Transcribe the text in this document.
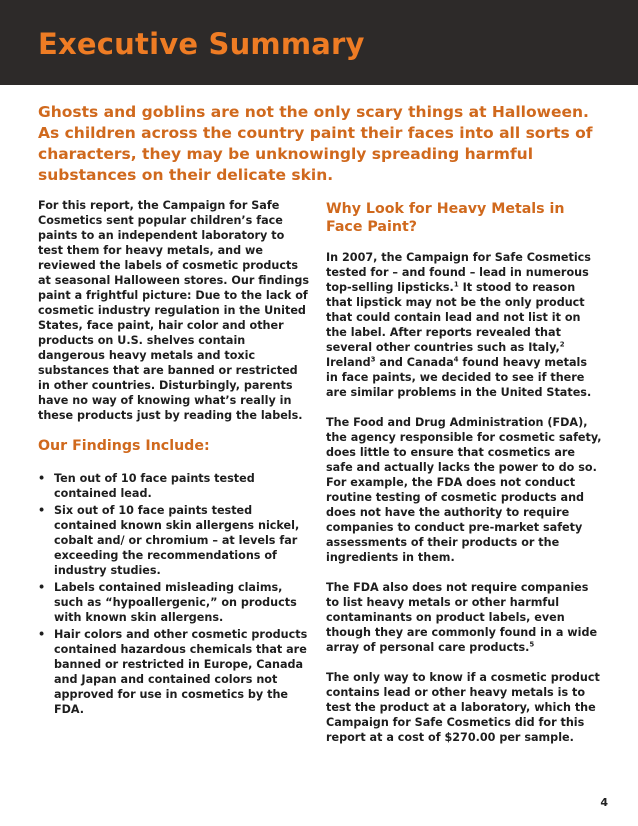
Executive Summary

Ghosts and goblins are not the only scary things at Halloween. As children across the country paint their faces into all sorts of characters, they may be unknowingly spreading harmful substances on their delicate skin.

For this report, the Campaign for Safe Cosmetics sent popular children’s face paints to an independent laboratory to test them for heavy metals, and we reviewed the labels of cosmetic products at seasonal Halloween stores. Our findings paint a frightful picture: Due to the lack of cosmetic industry regulation in the United States, face paint, hair color and other products on U.S. shelves contain dangerous heavy metals and toxic substances that are banned or restricted in other countries. Disturbingly, parents have no way of knowing what’s really in these products just by reading the labels.

Our Findings Include:
• Ten out of 10 face paints tested contained lead.
• Six out of 10 face paints tested contained known skin allergens nickel, cobalt and/ or chromium – at levels far exceeding the recommendations of industry studies.
• Labels contained misleading claims, such as “hypoallergenic,” on products with known skin allergens.
• Hair colors and other cosmetic products contained hazardous chemicals that are banned or restricted in Europe, Canada and Japan and contained colors not approved for use in cosmetics by the FDA.
Why Look for Heavy Metals in Face Paint?

In 2007, the Campaign for Safe Cosmetics tested for – and found – lead in numerous top-selling lipsticks.$^1$ It stood to reason that lipstick may not be the only product that could contain lead and not list it on the label. After reports revealed that several other countries such as Italy,$^2$ Ireland$^3$ and Canada$^4$ found heavy metals in face paints, we decided to see if there are similar problems in the United States.

The Food and Drug Administration (FDA), the agency responsible for cosmetic safety, does little to ensure that cosmetics are safe and actually lacks the power to do so. For example, the FDA does not conduct routine testing of cosmetic products and does not have the authority to require companies to conduct pre-market safety assessments of their products or the ingredients in them.

The FDA also does not require companies to list heavy metals or other harmful contaminants on product labels, even though they are commonly found in a wide array of personal care products.$^5$

The only way to know if a cosmetic product contains lead or other heavy metals is to test the product at a laboratory, which the Campaign for Safe Cosmetics did for this report at a cost of $270.00 per sample.

4
